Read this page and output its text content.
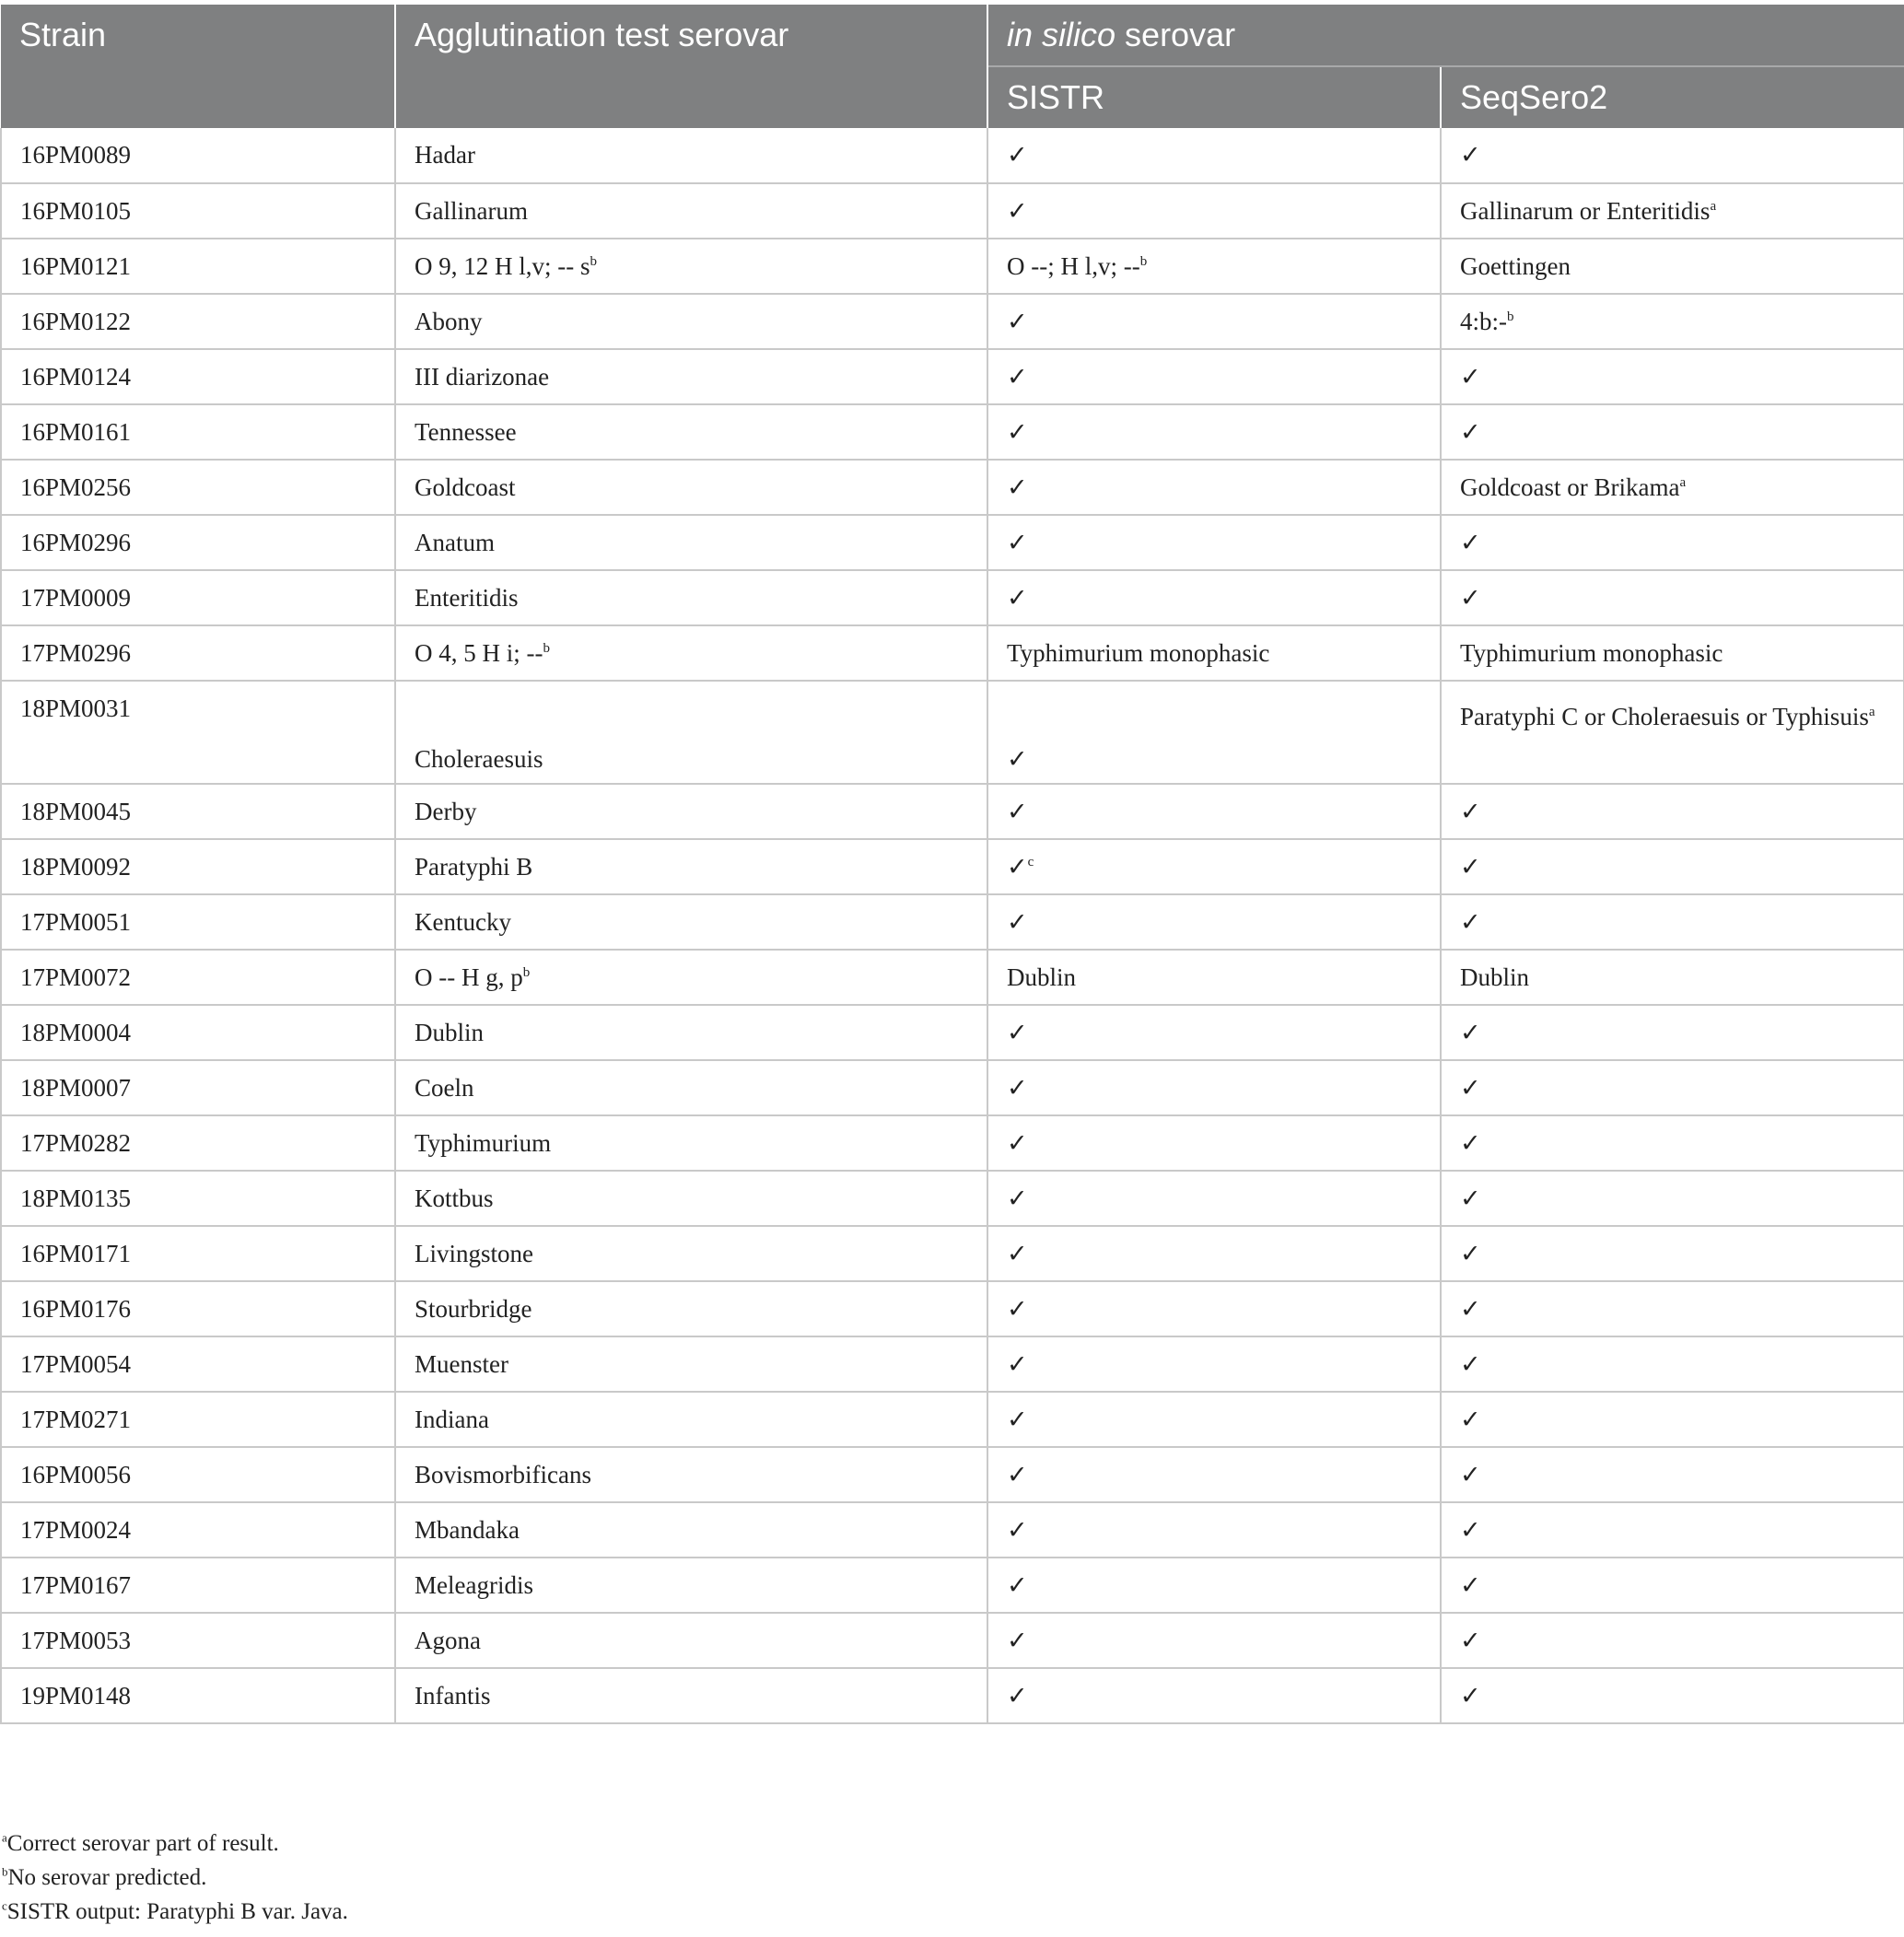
Strain	Agglutination test serovar	in silico serovar	
		SISTR	SeqSero2
16PM0089	Hadar	✓	✓
16PM0105	Gallinarum	✓	Gallinarum or Enteritidis$^a$
16PM0121	O 9, 12 H l,v; -- $s^b$	O --; H l,v; --$^b$	Goettingen
16PM0122	Abony	✓	4:b:-$^b$
16PM0124	III diarizonae	✓	✓
16PM0161	Tennessee	✓	✓
16PM0256	Goldcoast	✓	Goldcoast or Brikama$^a$
16PM0296	Anatum	✓	✓
17PM0009	Enteritidis	✓	✓
17PM0296	O 4, 5 H i; --$^b$	Typhimurium monophasic	Typhimurium monophasic
18PM0031	Choleraesuis	✓	Paratyphi C or Choleraesuis or Typhisuis$^a$
18PM0045	Derby	✓	✓
18PM0092	Paratyphi B	✓$^c$	✓
17PM0051	Kentucky	✓	✓
17PM0072	O -- H g, $p^b$	Dublin	Dublin
18PM0004	Dublin	✓	✓
18PM0007	Coeln	✓	✓
17PM0282	Typhimurium	✓	✓
18PM0135	Kottbus	✓	✓
16PM0171	Livingstone	✓	✓
16PM0176	Stourbridge	✓	✓
17PM0054	Muenster	✓	✓
17PM0271	Indiana	✓	✓
16PM0056	Bovismorbificans	✓	✓
17PM0024	Mbandaka	✓	✓
17PM0167	Meleagridis	✓	✓
17PM0053	Agona	✓	✓
19PM0148	Infantis	✓	✓
$^a$Correct serovar part of result.
$^b$No serovar predicted.
$^c$SISTR output: Paratyphi B var. Java.
